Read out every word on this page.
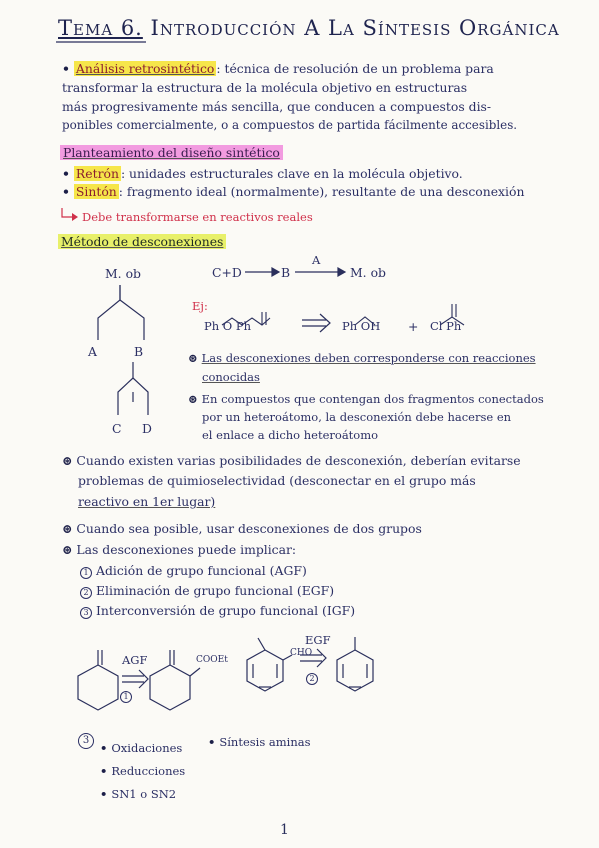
Tema 6. Introducción A La Síntesis Orgánica
• Análisis retrosintético : técnica de resolución de un problema para
transformar la estructura de la molécula objetivo en estructuras
más progresivamente más sencilla, que conducen a compuestos dis-
ponibles comercialmente, o a compuestos de partida fácilmente accesibles.
Planteamiento del diseño sintético
• Retrón : unidades estructurales clave en la molécula objetivo.
• Sintón : fragmento ideal (normalmente), resultante de una desconexión
Debe transformarse en reactivos reales
Método de desconexiones
M. ob
A	B
C D
C+D	B
A
M. ob
Ej:
Ph O Ph	Ph OH + Cl Ph
⊛ Las desconexiones deben corresponderse con reacciones
conocidas
⊛ En compuestos que contengan dos fragmentos conectados
por un heteroátomo, la desconexión debe hacerse en
el enlace a dicho heteroátomo
⊛ Cuando existen varias posibilidades de desconexión, deberían evitarse
problemas de quimioselectividad (desconectar en el grupo más
reactivo en 1er lugar)
⊛ Cuando sea posible, usar desconexiones de dos grupos
⊛ Las desconexiones puede implicar:
1 Adición de grupo funcional (AGF)
2 Eliminación de grupo funcional (EGF)
3 Interconversión de grupo funcional (IGF)
AGF	COOEt
CHO
EGF
1
2
3
• Oxidaciones
• Reducciones
• SN1 o SN2
• Síntesis aminas
1
